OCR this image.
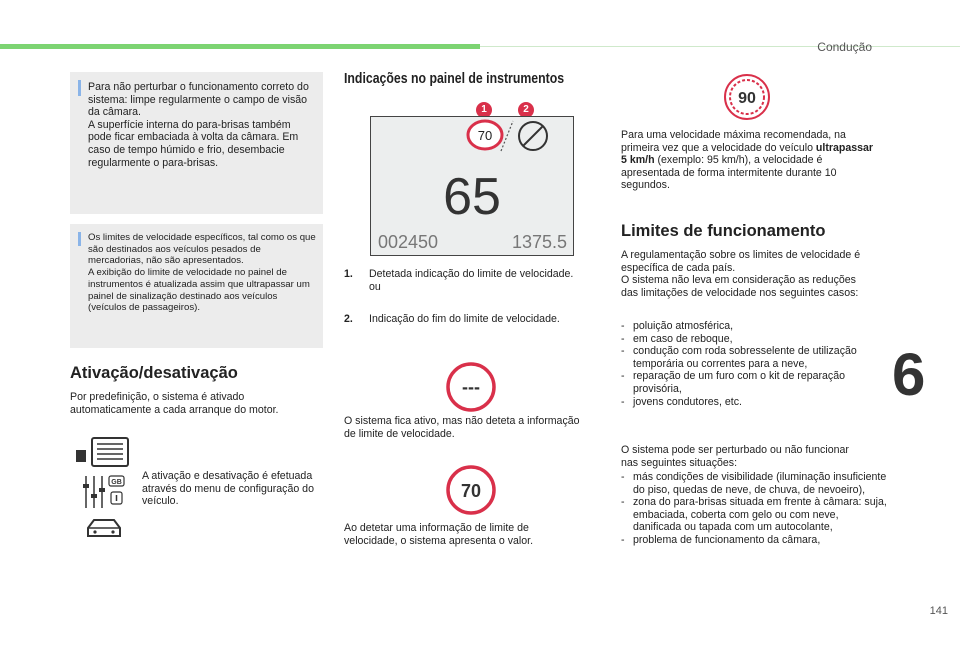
Condução
Para não perturbar o funcionamento correto do sistema: limpe regularmente o campo de visão da câmara.
A superfície interna do para-brisas também pode ficar embaciada à volta da câmara. Em caso de tempo húmido e frio, desembacie regularmente o para-brisas.
Os limites de velocidade específicos, tal como os que são destinados aos veículos pesados de mercadorias, não são apresentados.
A exibição do limite de velocidade no painel de instrumentos é atualizada assim que ultrapassar um painel de sinalização destinado aos veículos (veículos de passageiros).
Ativação/desativação
Por predefinição, o sistema é ativado automaticamente a cada arranque do motor.
GB
A ativação e desativação é efetuada através do menu de configuração do veículo.
Indicações no painel de instrumentos
1	2
70
65
002450	1375.5
1. Detetada indicação do limite de velocidade.
ou
2. Indicação do fim do limite de velocidade.
---
O sistema fica ativo, mas não deteta a informação de limite de velocidade.
70
Ao detetar uma informação de limite de velocidade, o sistema apresenta o valor.
90
Para uma velocidade máxima recomendada, na primeira vez que a velocidade do veículo ultrapassar 5 km/h (exemplo: 95 km/h), a velocidade é apresentada de forma intermitente durante 10 segundos.
Limites de funcionamento
A regulamentação sobre os limites de velocidade é específica de cada país.
O sistema não leva em consideração as reduções das limitações de velocidade nos seguintes casos:
- poluição atmosférica,
- em caso de reboque,
- condução com roda sobresselente de utilização temporária ou correntes para a neve,
- reparação de um furo com o kit de reparação provisória,
- jovens condutores, etc.
O sistema pode ser perturbado ou não funcionar nas seguintes situações:
- más condições de visibilidade (iluminação insuficiente do piso, quedas de neve, de chuva, de nevoeiro),
- zona do para-brisas situada em frente à câmara: suja, embaciada, coberta com gelo ou com neve, danificada ou tapada com um autocolante,
- problema de funcionamento da câmara,
6
141
